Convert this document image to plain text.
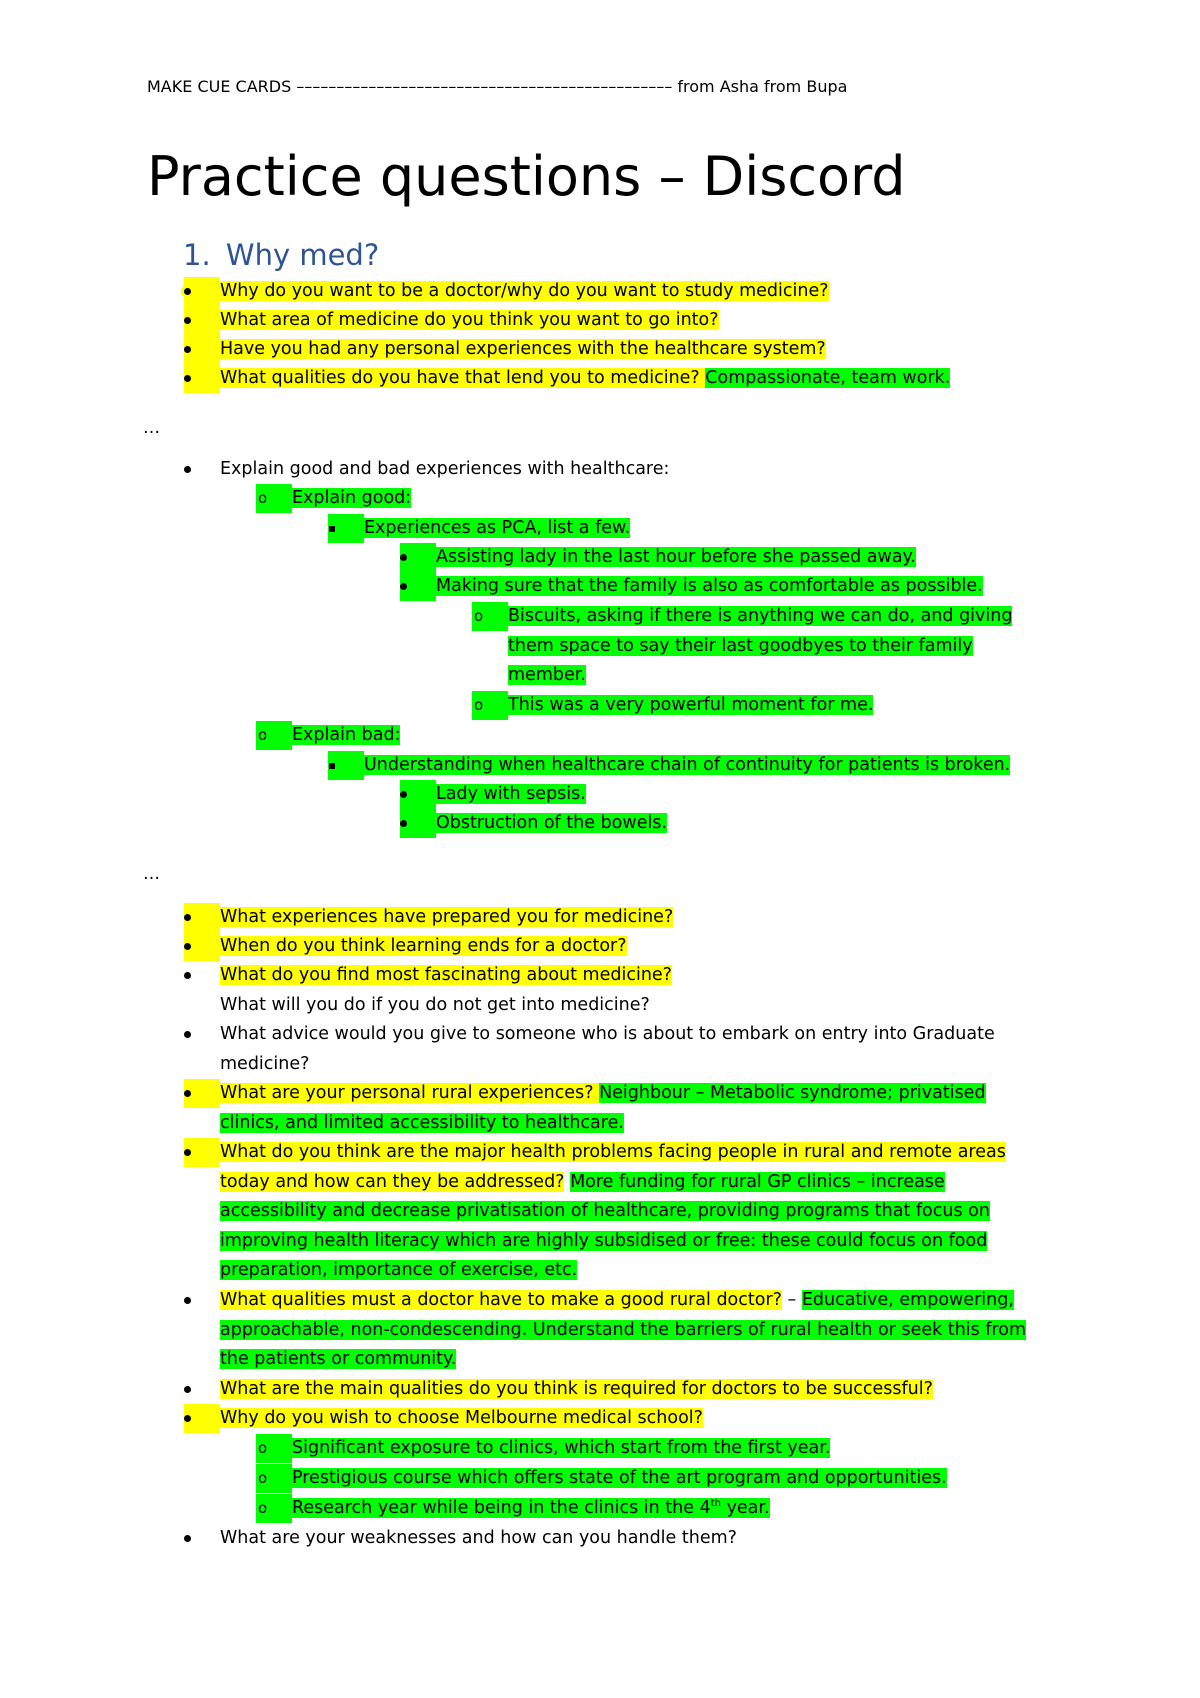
MAKE CUE CARDS ––––––––––––––––––––––––––––––––––––––––––––––– from Asha from Bupa
Practice questions – Discord
1. Why med?
Why do you want to be a doctor/why do you want to study medicine?
What area of medicine do you think you want to go into?
Have you had any personal experiences with the healthcare system?
What qualities do you have that lend you to medicine? Compassionate, team work.
…
Explain good and bad experiences with healthcare:
o Explain good:
Experiences as PCA, list a few.
Assisting lady in the last hour before she passed away.
Making sure that the family is also as comfortable as possible.
o Biscuits, asking if there is anything we can do, and giving
them space to say their last goodbyes to their family
member.
o This was a very powerful moment for me.
o Explain bad:
Understanding when healthcare chain of continuity for patients is broken.
Lady with sepsis.
Obstruction of the bowels.
…
What experiences have prepared you for medicine?
When do you think learning ends for a doctor?
What do you find most fascinating about medicine?
What will you do if you do not get into medicine?
What advice would you give to someone who is about to embark on entry into Graduate
medicine?
What are your personal rural experiences? Neighbour – Metabolic syndrome; privatised
clinics, and limited accessibility to healthcare.
What do you think are the major health problems facing people in rural and remote areas
today and how can they be addressed? More funding for rural GP clinics – increase
accessibility and decrease privatisation of healthcare, providing programs that focus on
improving health literacy which are highly subsidised or free: these could focus on food
preparation, importance of exercise, etc.
What qualities must a doctor have to make a good rural doctor? – Educative, empowering,
approachable, non-condescending. Understand the barriers of rural health or seek this from
the patients or community.
What are the main qualities do you think is required for doctors to be successful?
Why do you wish to choose Melbourne medical school?
o Significant exposure to clinics, which start from the first year.
o Prestigious course which offers state of the art program and opportunities.
o Research year while being in the clinics in the 4th year.
What are your weaknesses and how can you handle them?
